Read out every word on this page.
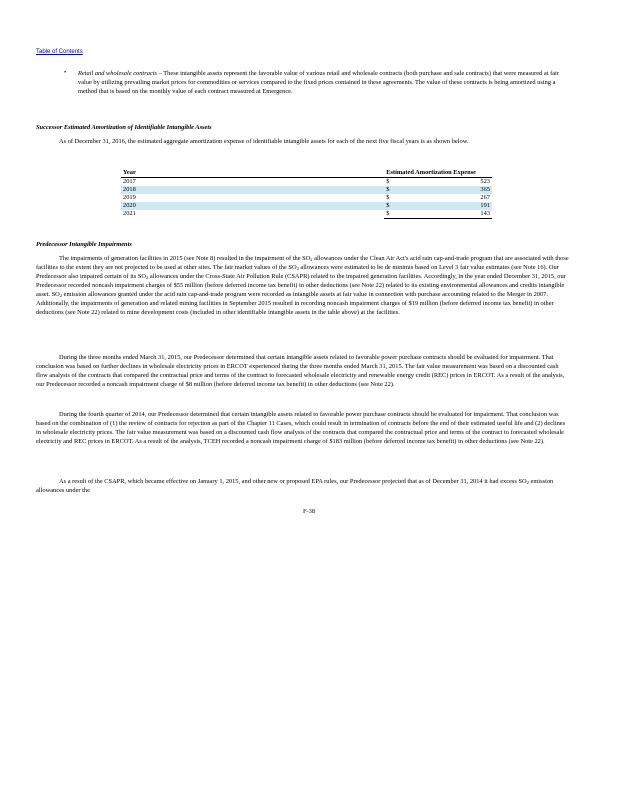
Table of Contents
• Retail and wholesale contracts – These intangible assets represent the favorable value of various retail and wholesale contracts (both purchase and sale contracts) that were measured at fair value by utilizing prevailing market prices for commodities or services compared to the fixed prices contained in these agreements. The value of these contracts is being amortized using a method that is based on the monthly value of each contract measured at Emergence.

Successor Estimated Amortization of Identifiable Intangible Assets

As of December 31, 2016, the estimated aggregate amortization expense of identifiable intangible assets for each of the next five fiscal years is as shown below.

Year	Estimated Amortization Expense	
2017	$	523
2018	$	365
2019	$	267
2020	$	191
2021	$	143

Predecessor Intangible Impairments

The impairments of generation facilities in 2015 (see Note 8) resulted in the impairment of the SO2 allowances under the Clean Air Act's acid rain cap-and-trade program that are associated with those facilities to the extent they are not projected to be used at other sites. The fair market values of the SO2 allowances were estimated to be de minimis based on Level 3 fair value estimates (see Note 16). Our Predecessor also impaired certain of its SO2 allowances under the Cross-State Air Pollution Rule (CSAPR) related to the impaired generation facilities. Accordingly, in the year ended December 31, 2015, our Predecessor recorded noncash impairment charges of $55 million (before deferred income tax benefit) in other deductions (see Note 22) related to its existing environmental allowances and credits intangible asset. SO2 emission allowances granted under the acid rain cap-and-trade program were recorded as intangible assets at fair value in connection with purchase accounting related to the Merger in 2007. Additionally, the impairments of generation and related mining facilities in September 2015 resulted in recording noncash impairment charges of $19 million (before deferred income tax benefit) in other deductions (see Note 22) related to mine development costs (included in other identifiable intangible assets in the table above) at the facilities.

During the three months ended March 31, 2015, our Predecessor determined that certain intangible assets related to favorable power purchase contracts should be evaluated for impairment. That conclusion was based on further declines in wholesale electricity prices in ERCOT experienced during the three months ended March 31, 2015. The fair value measurement was based on a discounted cash flow analysis of the contracts that compared the contractual price and terms of the contract to forecasted wholesale electricity and renewable energy credit (REC) prices in ERCOT. As a result of the analysis, our Predecessor recorded a noncash impairment charge of $8 million (before deferred income tax benefit) in other deductions (see Note 22).

During the fourth quarter of 2014, our Predecessor determined that certain intangible assets related to favorable power purchase contracts should be evaluated for impairment. That conclusion was based on the combination of (1) the review of contracts for rejection as part of the Chapter 11 Cases, which could result in termination of contracts before the end of their estimated useful life and (2) declines in wholesale electricity prices. The fair value measurement was based on a discounted cash flow analysis of the contracts that compared the contractual price and terms of the contract to forecasted wholesale electricity and REC prices in ERCOT. As a result of the analysis, TCEH recorded a noncash impairment charge of $183 million (before deferred income tax benefit) in other deductions (see Note 22).

As a result of the CSAPR, which became effective on January 1, 2015, and other new or proposed EPA rules, our Predecessor projected that as of December 31, 2014 it had excess SO2 emission allowances under the

F-38
